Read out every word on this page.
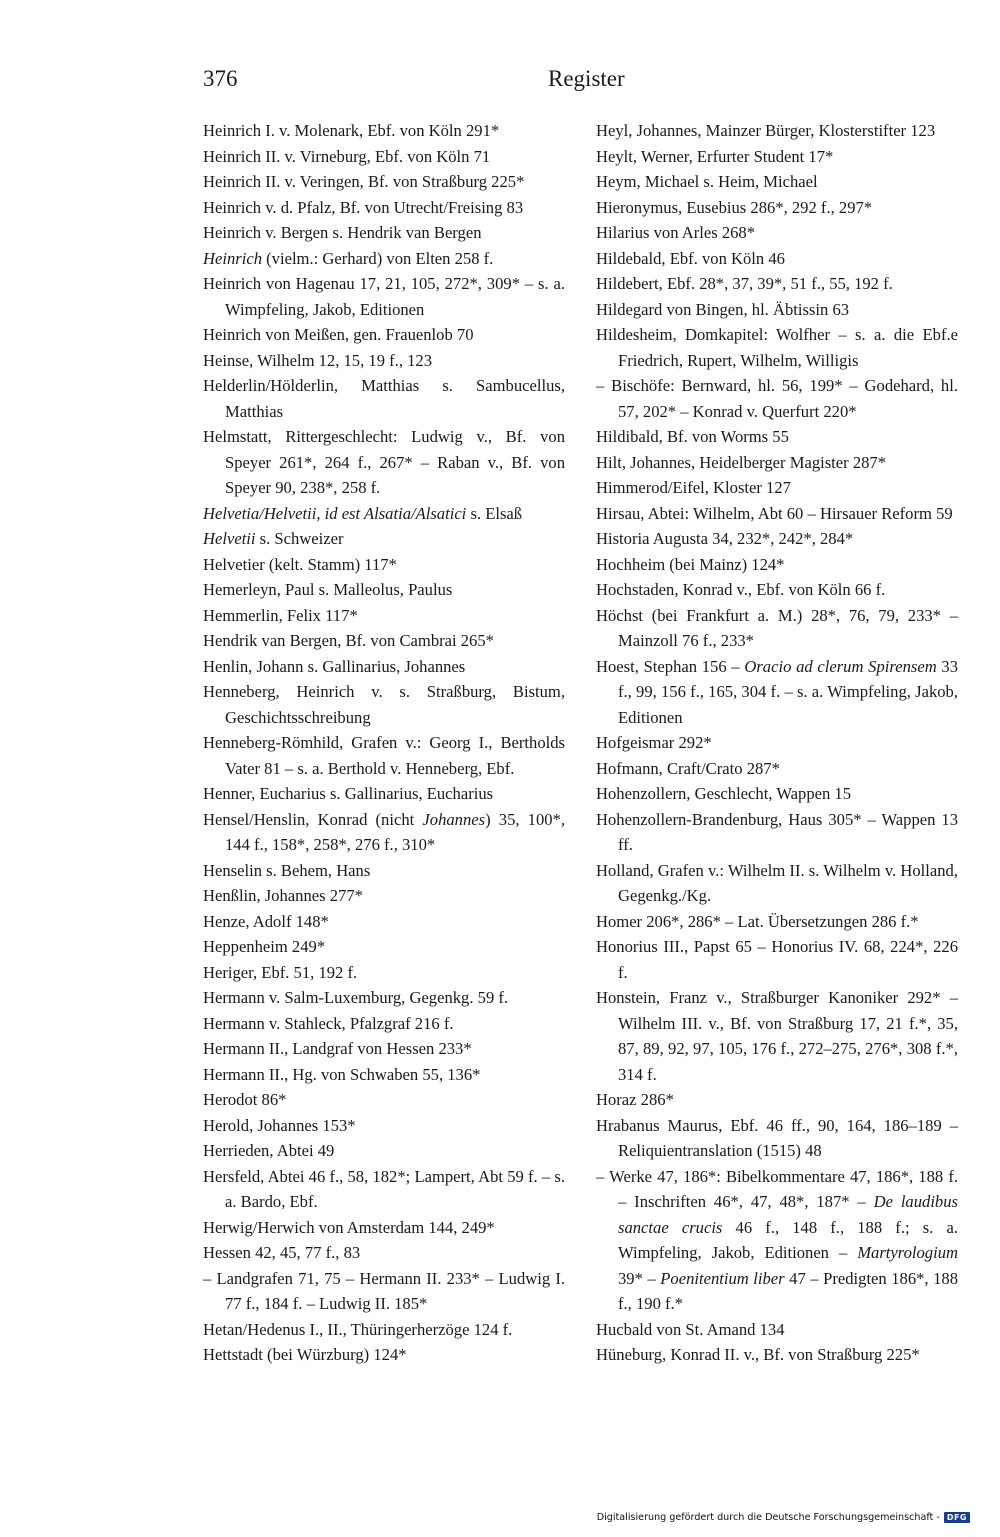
376	Register
Heinrich I. v. Molenark, Ebf. von Köln 291*
Heinrich II. v. Virneburg, Ebf. von Köln 71
Heinrich II. v. Veringen, Bf. von Straßburg 225*
Heinrich v. d. Pfalz, Bf. von Utrecht/Freising 83
Heinrich v. Bergen s. Hendrik van Bergen
Heinrich (vielm.: Gerhard) von Elten 258 f.
Heinrich von Hagenau 17, 21, 105, 272*, 309* – s. a. Wimpfeling, Jakob, Editionen
Heinrich von Meißen, gen. Frauenlob 70
Heinse, Wilhelm 12, 15, 19 f., 123
Helderlin/Hölderlin, Matthias s. Sambucellus, Matthias
Helmstatt, Rittergeschlecht: Ludwig v., Bf. von Speyer 261*, 264 f., 267* – Raban v., Bf. von Speyer 90, 238*, 258 f.
Helvetia/Helvetii, id est Alsatia/Alsatici s. Elsaß
Helvetii s. Schweizer
Helvetier (kelt. Stamm) 117*
Hemerleyn, Paul s. Malleolus, Paulus
Hemmerlin, Felix 117*
Hendrik van Bergen, Bf. von Cambrai 265*
Henlin, Johann s. Gallinarius, Johannes
Henneberg, Heinrich v. s. Straßburg, Bistum, Geschichtsschreibung
Henneberg-Römhild, Grafen v.: Georg I., Bertholds Vater 81 – s. a. Berthold v. Henneberg, Ebf.
Henner, Eucharius s. Gallinarius, Eucharius
Hensel/Henslin, Konrad (nicht Johannes) 35, 100*, 144 f., 158*, 258*, 276 f., 310*
Henselin s. Behem, Hans
Henßlin, Johannes 277*
Henze, Adolf 148*
Heppenheim 249*
Heriger, Ebf. 51, 192 f.
Hermann v. Salm-Luxemburg, Gegenkg. 59 f.
Hermann v. Stahleck, Pfalzgraf 216 f.
Hermann II., Landgraf von Hessen 233*
Hermann II., Hg. von Schwaben 55, 136*
Herodot 86*
Herold, Johannes 153*
Herrieden, Abtei 49
Hersfeld, Abtei 46 f., 58, 182*; Lampert, Abt 59 f. – s. a. Bardo, Ebf.
Herwig/Herwich von Amsterdam 144, 249*
Hessen 42, 45, 77 f., 83
– Landgrafen 71, 75 – Hermann II. 233* – Ludwig I. 77 f., 184 f. – Ludwig II. 185*
Hetan/Hedenus I., II., Thüringerherzöge 124 f.
Hettstadt (bei Würzburg) 124*
Heyl, Johannes, Mainzer Bürger, Klosterstifter 123
Heylt, Werner, Erfurter Student 17*
Heym, Michael s. Heim, Michael
Hieronymus, Eusebius 286*, 292 f., 297*
Hilarius von Arles 268*
Hildebald, Ebf. von Köln 46
Hildebert, Ebf. 28*, 37, 39*, 51 f., 55, 192 f.
Hildegard von Bingen, hl. Äbtissin 63
Hildesheim, Domkapitel: Wolfher – s. a. die Ebf.e Friedrich, Rupert, Wilhelm, Willigis
– Bischöfe: Bernward, hl. 56, 199* – Godehard, hl. 57, 202* – Konrad v. Querfurt 220*
Hildibald, Bf. von Worms 55
Hilt, Johannes, Heidelberger Magister 287*
Himmerod/Eifel, Kloster 127
Hirsau, Abtei: Wilhelm, Abt 60 – Hirsauer Reform 59
Historia Augusta 34, 232*, 242*, 284*
Hochheim (bei Mainz) 124*
Hochstaden, Konrad v., Ebf. von Köln 66 f.
Höchst (bei Frankfurt a. M.) 28*, 76, 79, 233* – Mainzoll 76 f., 233*
Hoest, Stephan 156 – Oracio ad clerum Spirensem 33 f., 99, 156 f., 165, 304 f. – s. a. Wimpfeling, Jakob, Editionen
Hofgeismar 292*
Hofmann, Craft/Crato 287*
Hohenzollern, Geschlecht, Wappen 15
Hohenzollern-Brandenburg, Haus 305* – Wappen 13 ff.
Holland, Grafen v.: Wilhelm II. s. Wilhelm v. Holland, Gegenkg./Kg.
Homer 206*, 286* – Lat. Übersetzungen 286 f.*
Honorius III., Papst 65 – Honorius IV. 68, 224*, 226 f.
Honstein, Franz v., Straßburger Kanoniker 292* – Wilhelm III. v., Bf. von Straßburg 17, 21 f.*, 35, 87, 89, 92, 97, 105, 176 f., 272–275, 276*, 308 f.*, 314 f.
Horaz 286*
Hrabanus Maurus, Ebf. 46 ff., 90, 164, 186–189 – Reliquientranslation (1515) 48
– Werke 47, 186*: Bibelkommentare 47, 186*, 188 f. – Inschriften 46*, 47, 48*, 187* – De laudibus sanctae crucis 46 f., 148 f., 188 f.; s. a. Wimpfeling, Jakob, Editionen – Martyrologium 39* – Poenitentium liber 47 – Predigten 186*, 188 f., 190 f.*
Hucbald von St. Amand 134
Hüneburg, Konrad II. v., Bf. von Straßburg 225*
Digitalisierung gefördert durch die Deutsche Forschungsgemeinschaft - DFG
